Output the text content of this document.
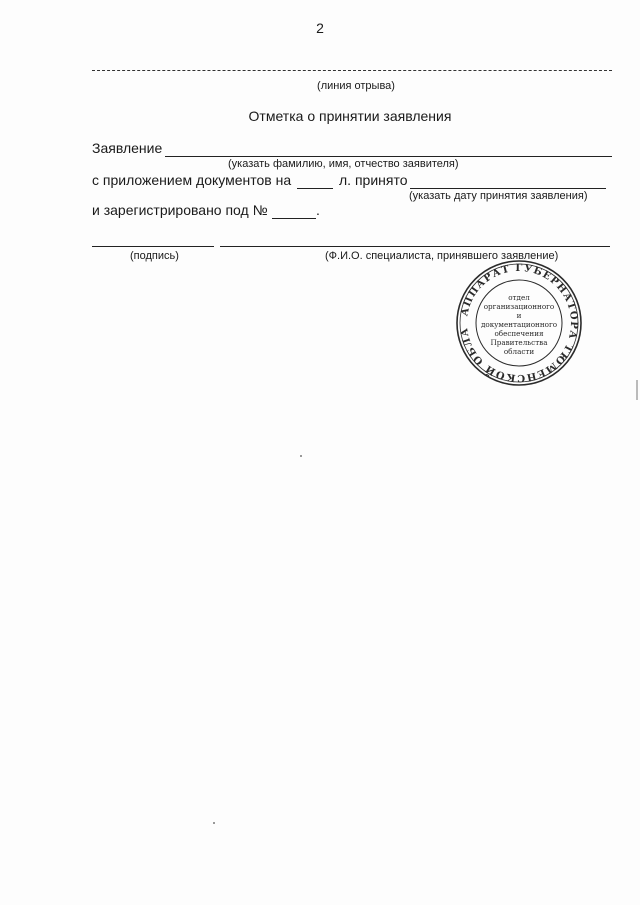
2
(линия отрыва)
Отметка о принятии заявления
Заявление
(указать фамилию, имя, отчество заявителя)
с приложением документов на	л. принято
(указать дату принятия заявления)
и зарегистрировано под №	.
(подпись)	(Ф.И.О. специалиста, принявшего заявление)
АППАРАТ ГУБЕРНАТОРА ТЮМЕНСКОЙ ОБЛА
отдел
организационного
и
документационного
обеспечения
Правительства
области
